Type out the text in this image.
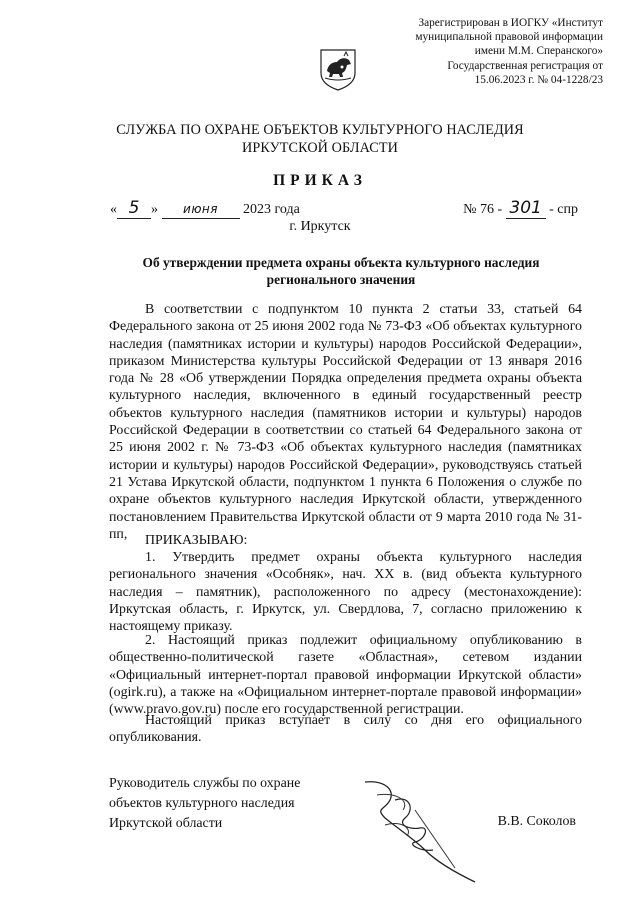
Зарегистрирован в ИОГКУ «Институт
муниципальной правовой информации
имени М.М. Сперанского»
Государственная регистрация от
15.06.2023 г. № 04-1228/23
СЛУЖБА ПО ОХРАНЕ ОБЪЕКТОВ КУЛЬТУРНОГО НАСЛЕДИЯ
ИРКУТСКОЙ ОБЛАСТИ
ПРИКАЗ
« 5 » июня 2023 года	№ 76 - 301 - спр
г. Иркутск
Об утверждении предмета охраны объекта культурного наследия
регионального значения

В соответствии с подпунктом 10 пункта 2 статьи 33, статьей 64 Федерального закона от 25 июня 2002 года № 73-ФЗ «Об объектах культурного наследия (памятниках истории и культуры) народов Российской Федерации», приказом Министерства культуры Российской Федерации от 13 января 2016 года № 28 «Об утверждении Порядка определения предмета охраны объекта культурного наследия, включенного в единый государственный реестр объектов культурного наследия (памятников истории и культуры) народов Российской Федерации в соответствии со статьей 64 Федерального закона от 25 июня 2002 г. № 73-ФЗ «Об объектах культурного наследия (памятниках истории и культуры) народов Российской Федерации», руководствуясь статьей 21 Устава Иркутской области, подпунктом 1 пункта 6 Положения о службе по охране объектов культурного наследия Иркутской области, утвержденного постановлением Правительства Иркутской области от 9 марта 2010 года № 31-пп,	ПРИКАЗЫВАЮ:

1. Утвердить предмет охраны объекта культурного наследия регионального значения «Особняк», нач. XX в. (вид объекта культурного наследия – памятник), расположенного по адресу (местонахождение): Иркутская область, г. Иркутск, ул. Свердлова, 7, согласно приложению к настоящему приказу.

2. Настоящий приказ подлежит официальному опубликованию в общественно-политической газете «Областная», сетевом издании «Официальный интернет-портал правовой информации Иркутской области» (ogirk.ru), а также на «Официальном интернет-портале правовой информации» (www.pravo.gov.ru) после его государственной регистрации.

Настоящий приказ вступает в силу со дня его официального опубликования.

Руководитель службы по охране
объектов культурного наследия
Иркутской области	В.В. Соколов
